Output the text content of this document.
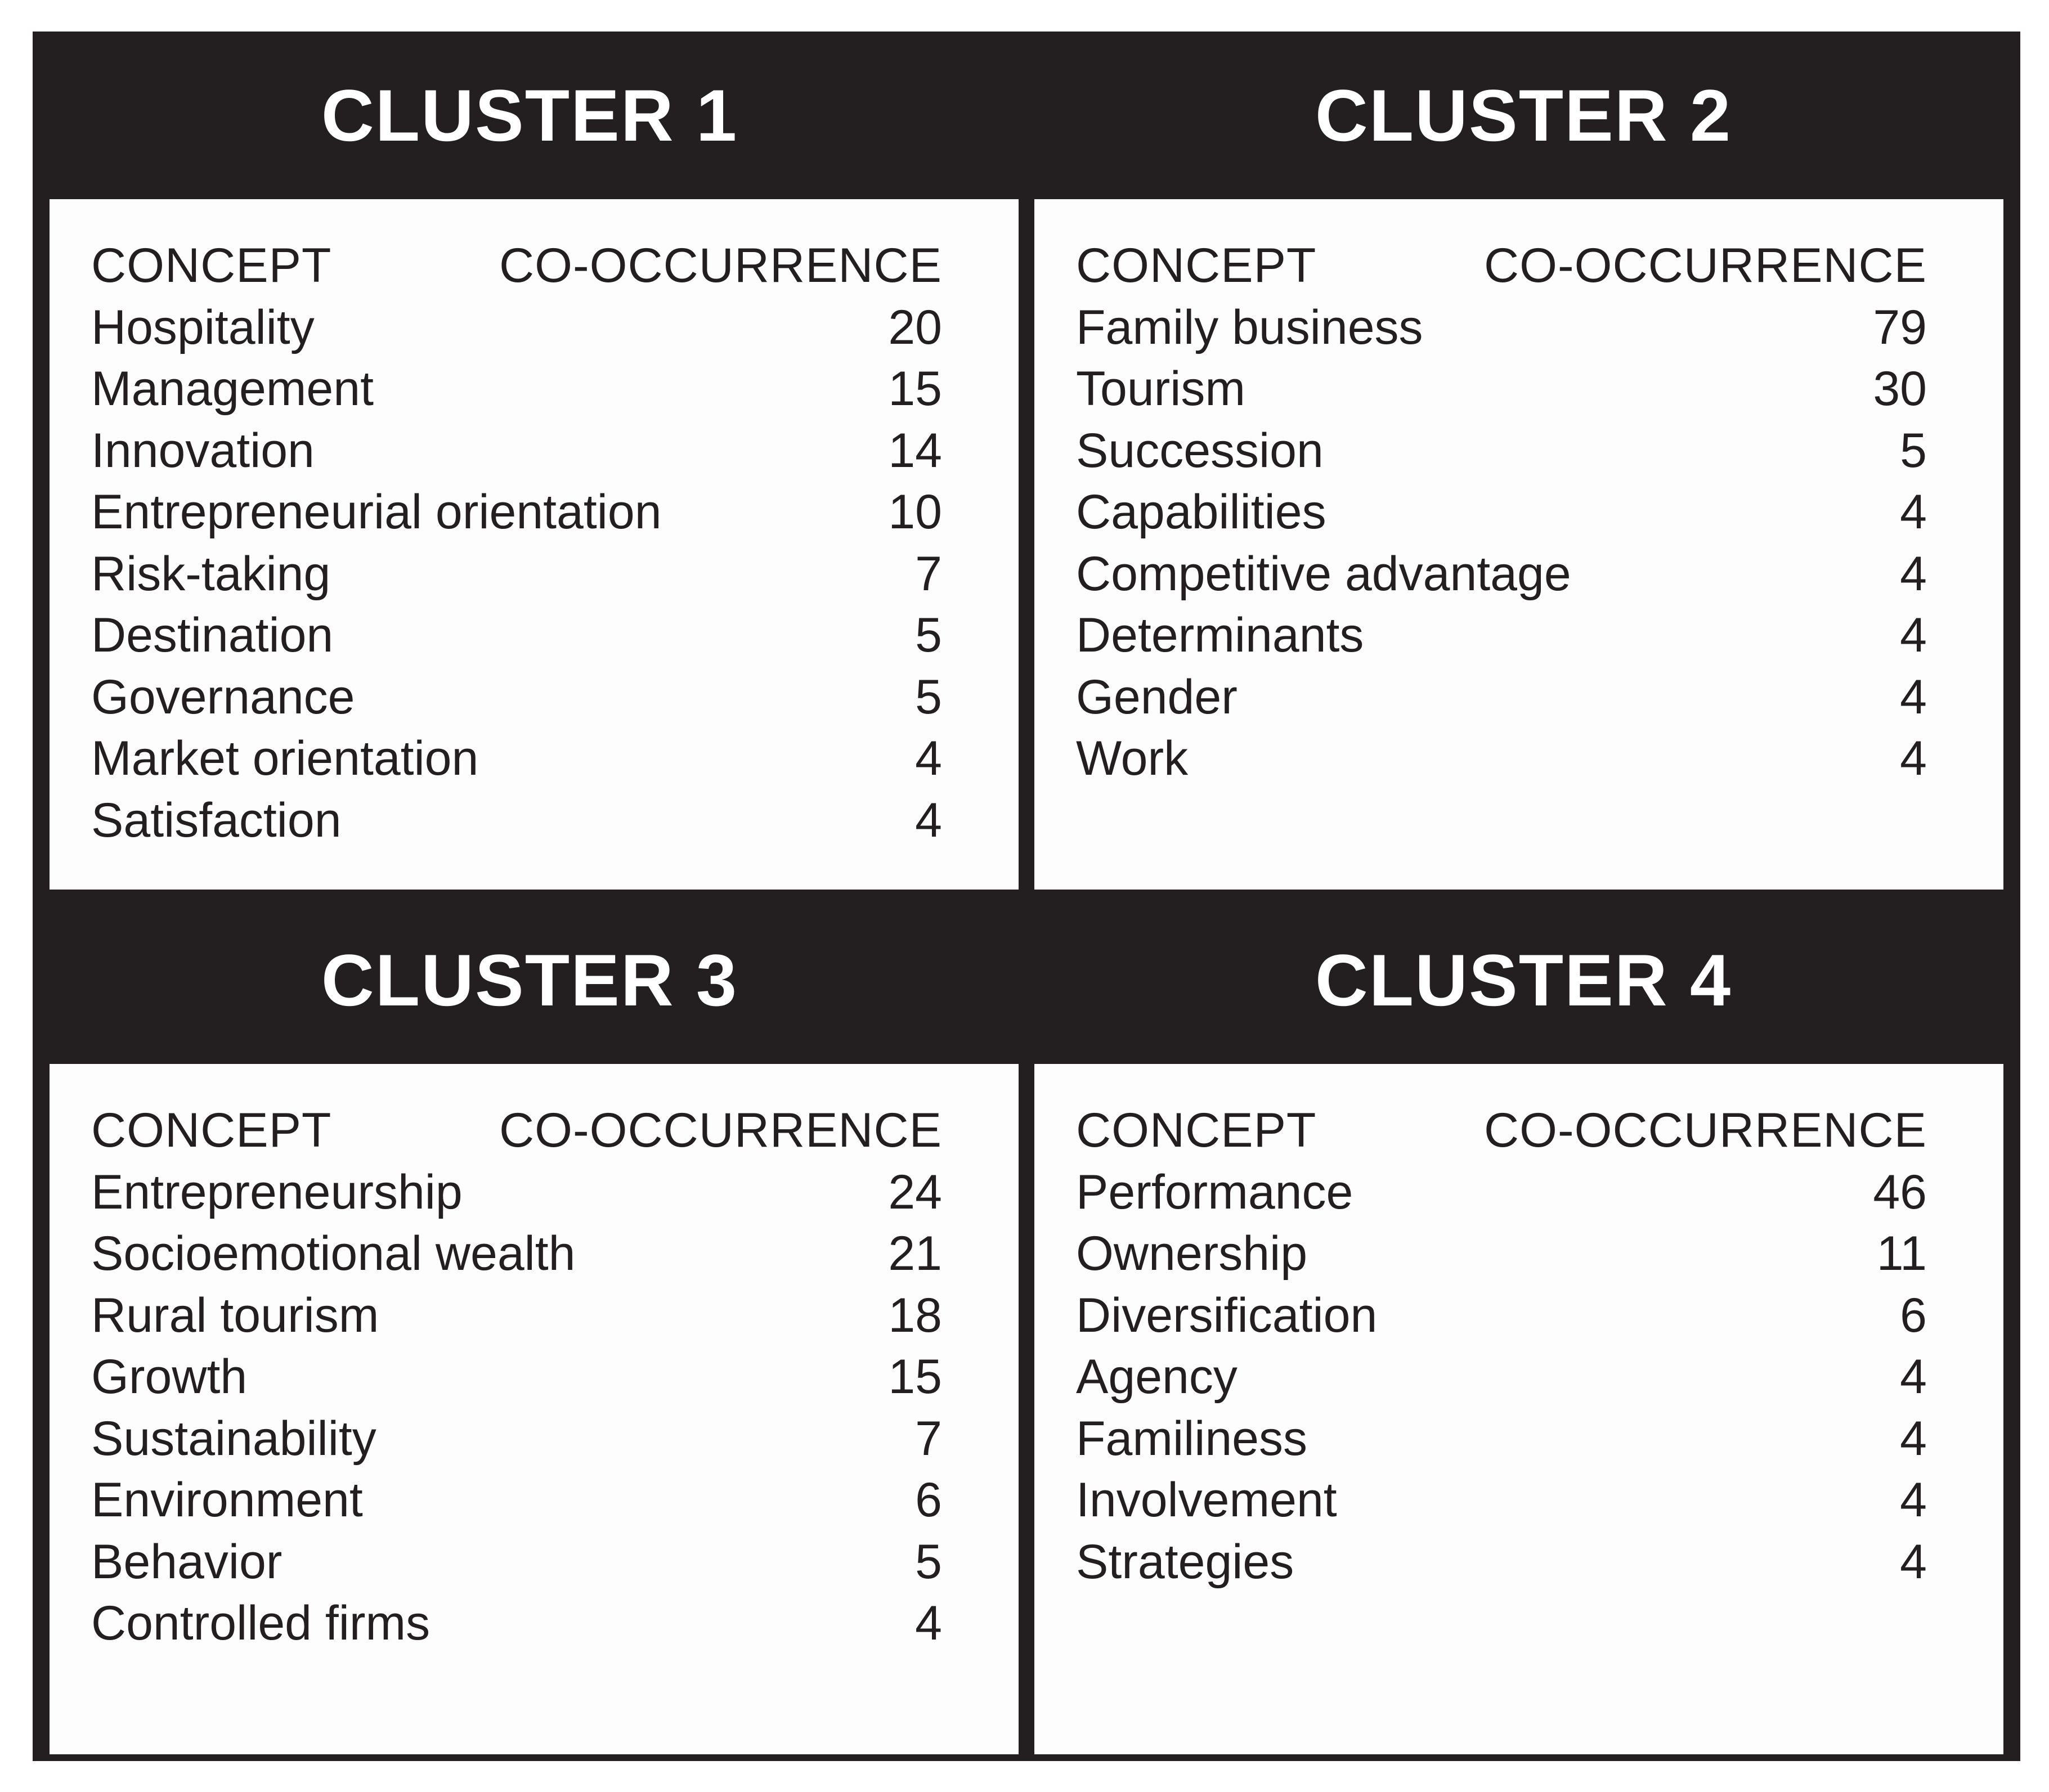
CLUSTER 1
CONCEPT	CO-OCCURRENCE
Hospitality	20
Management	15
Innovation	14
Entrepreneurial orientation	10
Risk-taking	7
Destination	5
Governance	5
Market orientation	4
Satisfaction	4
CLUSTER 2
CONCEPT	CO-OCCURRENCE
Family business	79
Tourism	30
Succession	5
Capabilities	4
Competitive advantage	4
Determinants	4
Gender	4
Work	4
CLUSTER 3
CONCEPT	CO-OCCURRENCE
Entrepreneurship	24
Socioemotional wealth	21
Rural tourism	18
Growth	15
Sustainability	7
Environment	6
Behavior	5
Controlled firms	4
CLUSTER 4
CONCEPT	CO-OCCURRENCE
Performance	46
Ownership	11
Diversification	6
Agency	4
Familiness	4
Involvement	4
Strategies	4
